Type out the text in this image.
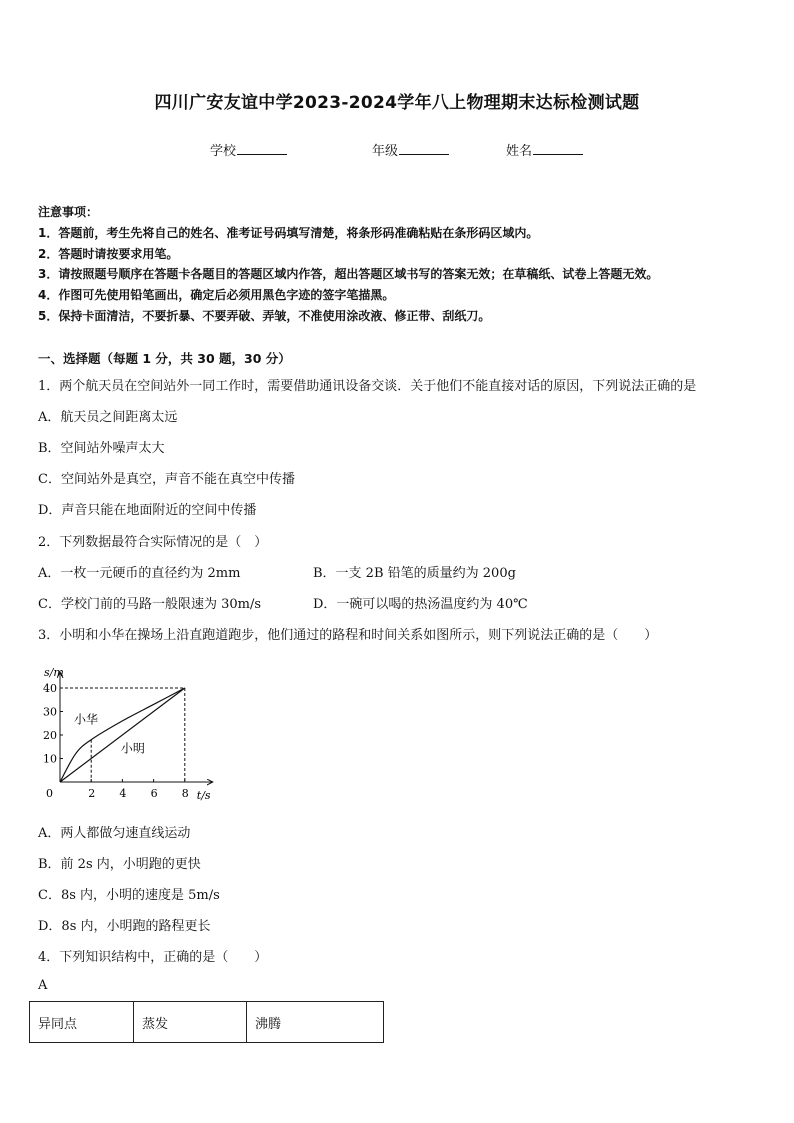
四川广安友谊中学2023-2024学年八上物理期末达标检测试题
学校	年级	姓名
注意事项：
1．答题前，考生先将自己的姓名、准考证号码填写清楚，将条形码准确粘贴在条形码区域内。
2．答题时请按要求用笔。
3．请按照题号顺序在答题卡各题目的答题区域内作答，超出答题区域书写的答案无效；在草稿纸、试卷上答题无效。
4．作图可先使用铅笔画出，确定后必须用黑色字迹的签字笔描黑。
5．保持卡面清洁，不要折暴、不要弄破、弄皱，不准使用涂改液、修正带、刮纸刀。
一、选择题（每题 1 分，共 30 题，30 分）
1．两个航天员在空间站外一同工作时，需要借助通讯设备交谈．关于他们不能直接对话的原因，下列说法正确的是
A．航天员之间距离太远
B．空间站外噪声太大
C．空间站外是真空，声音不能在真空中传播
D．声音只能在地面附近的空间中传播
2．下列数据最符合实际情况的是（　）
A．一枚一元硬币的直径约为 2mm	B．一支 2B 铅笔的质量约为 200g
C．学校门前的马路一般限速为 30m/s	D．一碗可以喝的热汤温度约为 40℃
3．小明和小华在操场上沿直跑道跑步，他们通过的路程和时间关系如图所示，则下列说法正确的是（　　）
s/m
t/s
0	2 4 6 8
10
20
30
40
小华
小明
A．两人都做匀速直线运动
B．前 2s 内，小明跑的更快
C．8s 内，小明的速度是 5m/s
D．8s 内，小明跑的路程更长
4．下列知识结构中，正确的是（　　）
A
异同点	蒸发	沸腾
